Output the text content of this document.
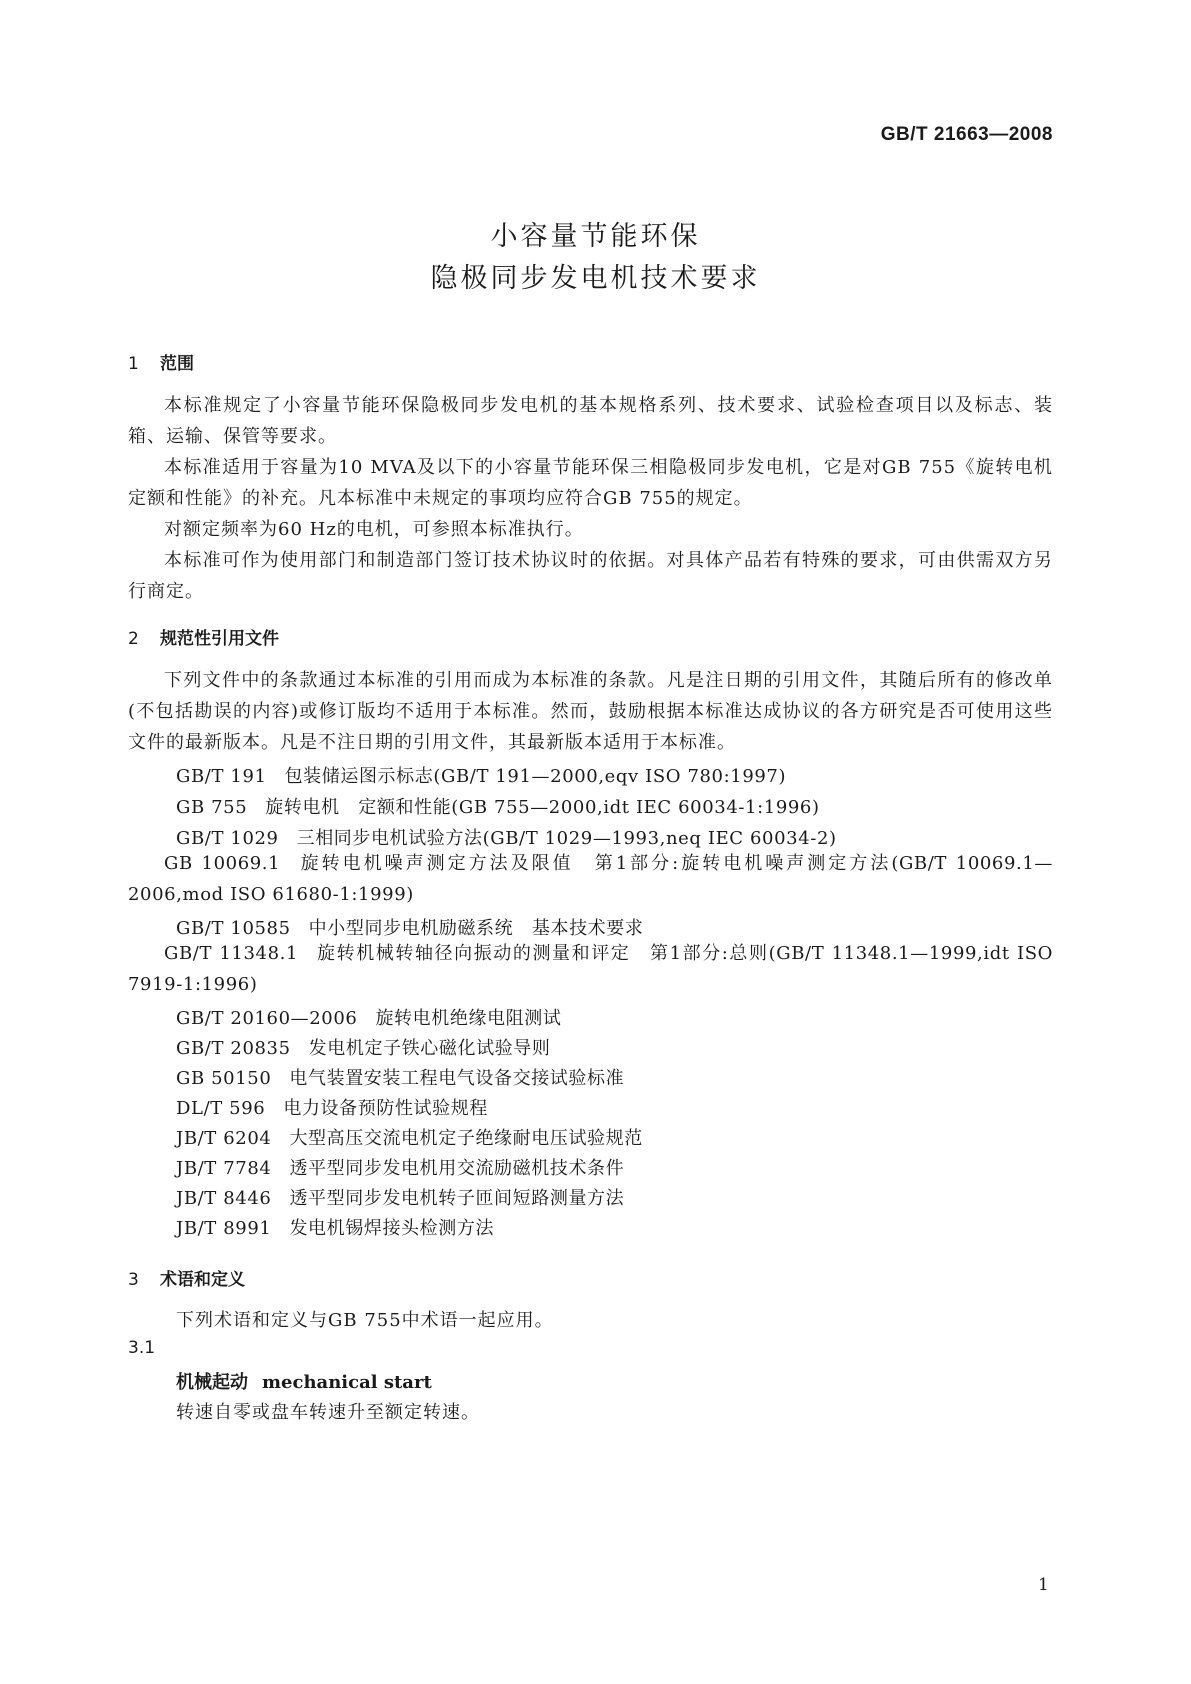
GB/T 21663—2008
小容量节能环保
隐极同步发电机技术要求
1 范围
本标准规定了小容量节能环保隐极同步发电机的基本规格系列、技术要求、试验检查项目以及标志、装箱、运输、保管等要求。
本标准适用于容量为10 MVA及以下的小容量节能环保三相隐极同步发电机，它是对GB 755《旋转电机　定额和性能》的补充。凡本标准中未规定的事项均应符合GB 755的规定。
对额定频率为60 Hz的电机，可参照本标准执行。
本标准可作为使用部门和制造部门签订技术协议时的依据。对具体产品若有特殊的要求，可由供需双方另行商定。
2 规范性引用文件
下列文件中的条款通过本标准的引用而成为本标准的条款。凡是注日期的引用文件，其随后所有的修改单(不包括勘误的内容)或修订版均不适用于本标准。然而，鼓励根据本标准达成协议的各方研究是否可使用这些文件的最新版本。凡是不注日期的引用文件，其最新版本适用于本标准。
GB/T 191 包装储运图示标志(GB/T 191—2000,eqv ISO 780:1997)
GB 755 旋转电机　定额和性能(GB 755—2000,idt IEC 60034-1:1996)
GB/T 1029 三相同步电机试验方法(GB/T 1029—1993,neq IEC 60034-2)
GB 10069.1 旋转电机噪声测定方法及限值　第1部分:旋转电机噪声测定方法(GB/T 10069.1—2006,mod ISO 61680-1:1999)
GB/T 10585 中小型同步电机励磁系统　基本技术要求
GB/T 11348.1 旋转机械转轴径向振动的测量和评定　第1部分:总则(GB/T 11348.1—1999,idt ISO 7919-1:1996)
GB/T 20160—2006 旋转电机绝缘电阻测试
GB/T 20835 发电机定子铁心磁化试验导则
GB 50150 电气装置安装工程电气设备交接试验标准
DL/T 596 电力设备预防性试验规程
JB/T 6204 大型高压交流电机定子绝缘耐电压试验规范
JB/T 7784 透平型同步发电机用交流励磁机技术条件
JB/T 8446 透平型同步发电机转子匝间短路测量方法
JB/T 8991 发电机锡焊接头检测方法
3 术语和定义
下列术语和定义与GB 755中术语一起应用。
3.1
机械起动 mechanical start
转速自零或盘车转速升至额定转速。
1
